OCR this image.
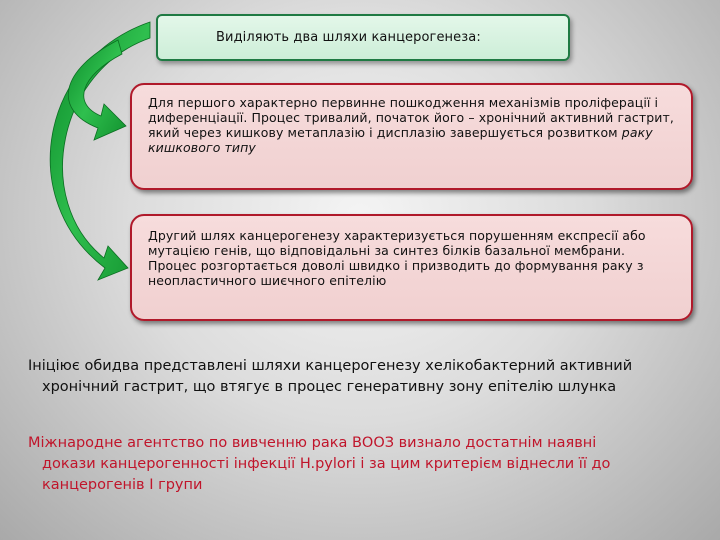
Виділяють два шляхи канцерогенеза:
Для першого характерно первинне пошкодження механізмів проліферації і диференціації. Процес тривалий, початок його – хронічний активний гастрит, який через кишкову метаплазію і дисплазію завершується розвитком раку кишкового типу
Другий шлях канцерогенезу характеризується порушенням експресії або мутацією генів, що відповідальні за синтез білків базальної мембрани. Процес розгортається доволі швидко і призводить до формування раку з неопластичного шиєчного епітелію
Ініціює обидва представлені шляхи канцерогенезу хелікобактерний активний
хронічний гастрит, що втягує в процес генеративну зону епітелію шлунка
Міжнародне агентство по вивченню рака ВООЗ визнало достатнім наявні
докази канцерогенності інфекції H.pylori і за цим критерієм віднесли її до
канцерогенів І групи
